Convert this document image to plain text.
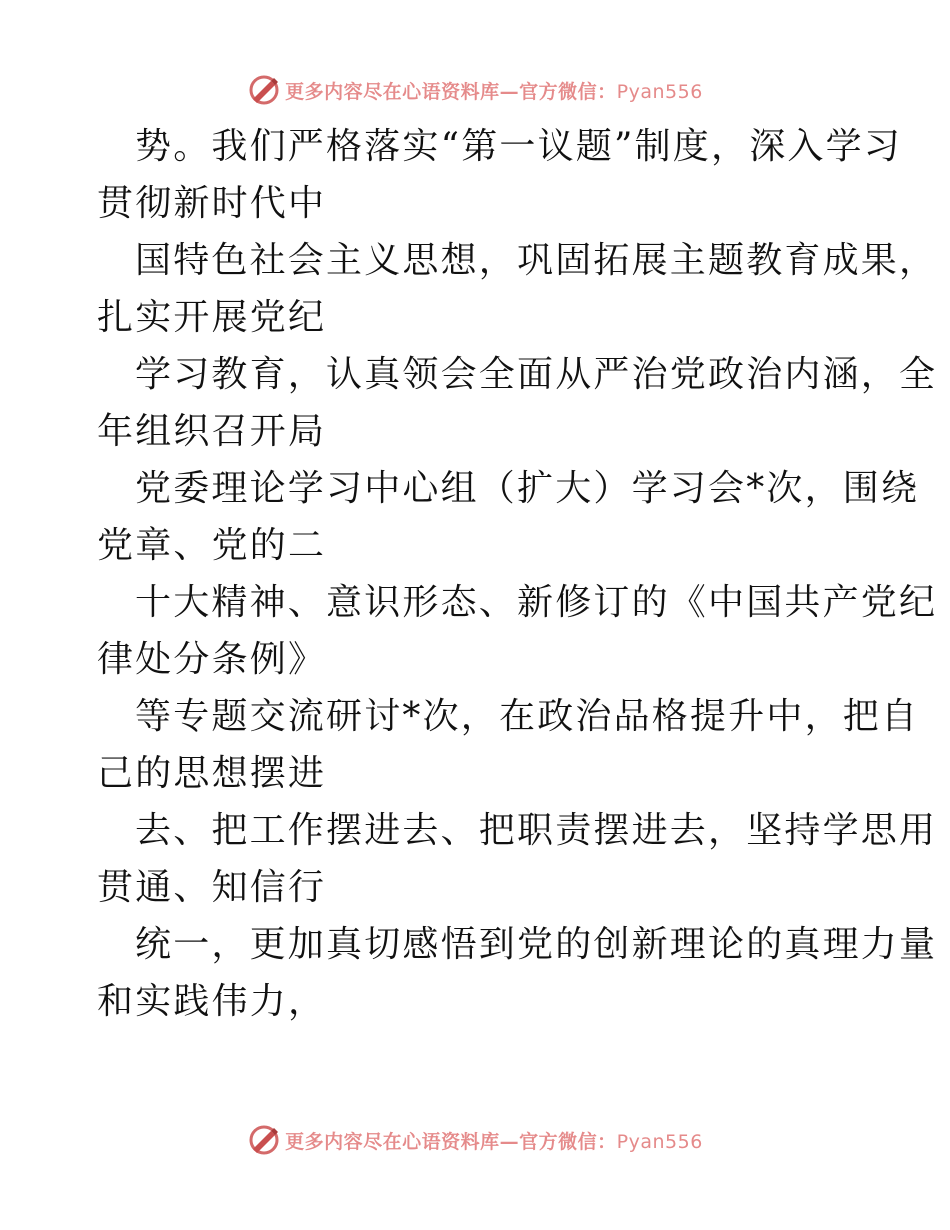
更多内容尽在心语资料库—官方微信：Pyan556
势。我们严格落实“第一议题”制度，深入学习
贯彻新时代中
国特色社会主义思想，巩固拓展主题教育成果，
扎实开展党纪
学习教育，认真领会全面从严治党政治内涵，全
年组织召开局
党委理论学习中心组（扩大）学习会*次，围绕
党章、党的二
十大精神、意识形态、新修订的《中国共产党纪
律处分条例》
等专题交流研讨*次，在政治品格提升中，把自
己的思想摆进
去、把工作摆进去、把职责摆进去，坚持学思用
贯通、知信行
统一，更加真切感悟到党的创新理论的真理力量
和实践伟力，
更多内容尽在心语资料库—官方微信：Pyan556
